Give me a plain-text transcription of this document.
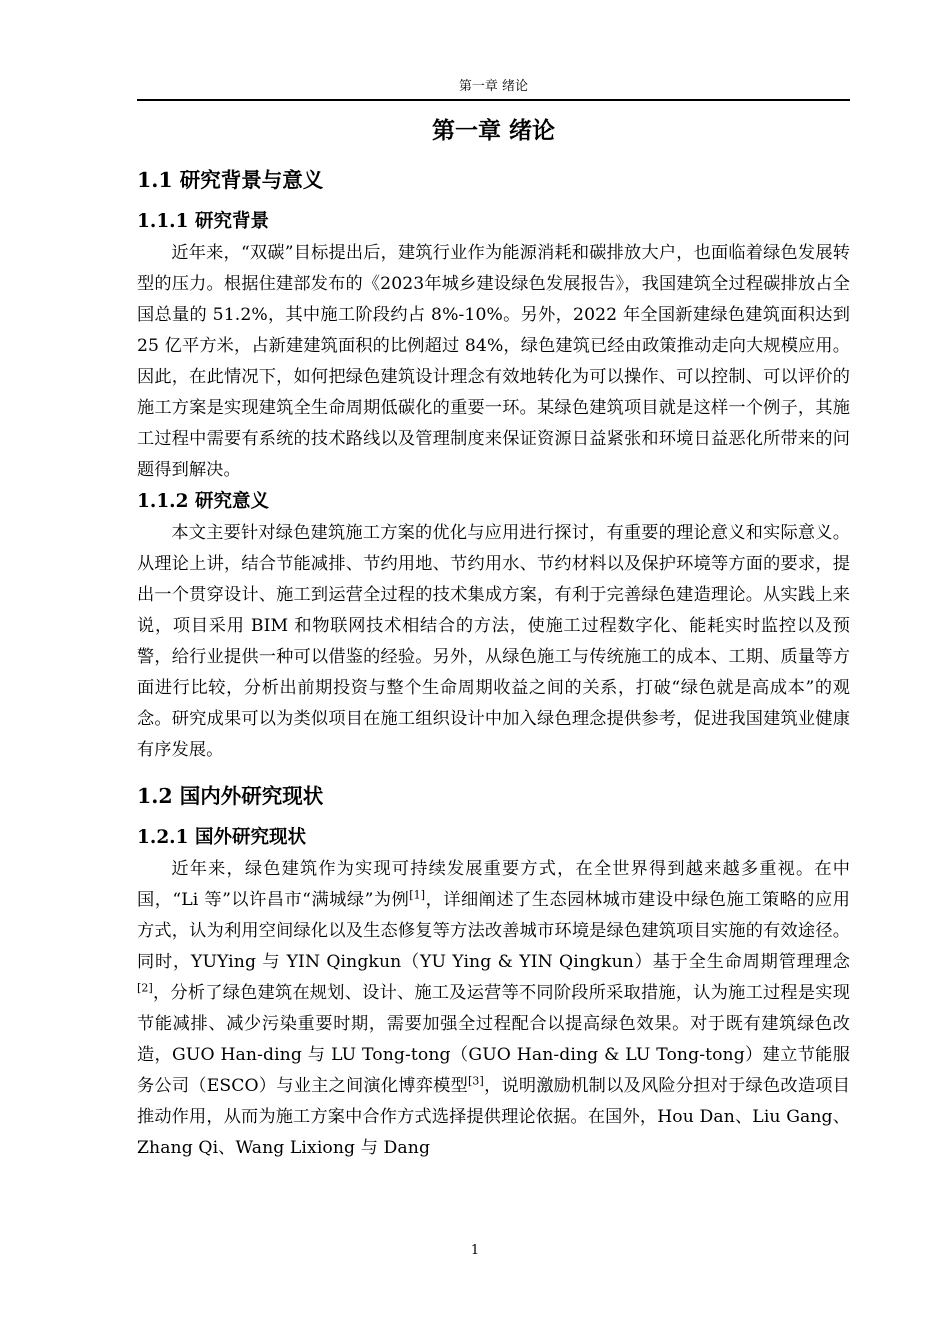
第一章 绪论
第一章 绪论
1.1 研究背景与意义
1.1.1 研究背景

近年来，“双碳”目标提出后，建筑行业作为能源消耗和碳排放大户，也面临着绿色发展转型的压力。根据住建部发布的《2023年城乡建设绿色发展报告》，我国建筑全过程碳排放占全国总量的 51.2%，其中施工阶段约占 8%-10%。另外，2022 年全国新建绿色建筑面积达到 25 亿平方米，占新建建筑面积的比例超过 84%，绿色建筑已经由政策推动走向大规模应用。因此，在此情况下，如何把绿色建筑设计理念有效地转化为可以操作、可以控制、可以评价的施工方案是实现建筑全生命周期低碳化的重要一环。某绿色建筑项目就是这样一个例子，其施工过程中需要有系统的技术路线以及管理制度来保证资源日益紧张和环境日益恶化所带来的问题得到解决。

1.1.2 研究意义

本文主要针对绿色建筑施工方案的优化与应用进行探讨，有重要的理论意义和实际意义。从理论上讲，结合节能减排、节约用地、节约用水、节约材料以及保护环境等方面的要求，提出一个贯穿设计、施工到运营全过程的技术集成方案，有利于完善绿色建造理论。从实践上来说，项目采用 BIM 和物联网技术相结合的方法，使施工过程数字化、能耗实时监控以及预警，给行业提供一种可以借鉴的经验。另外，从绿色施工与传统施工的成本、工期、质量等方面进行比较，分析出前期投资与整个生命周期收益之间的关系，打破“绿色就是高成本”的观念。研究成果可以为类似项目在施工组织设计中加入绿色理念提供参考，促进我国建筑业健康有序发展。

1.2 国内外研究现状
1.2.1 国外研究现状

近年来，绿色建筑作为实现可持续发展重要方式，在全世界得到越来越多重视。在中国，“Li 等”以许昌市“满城绿”为例[1]，详细阐述了生态园林城市建设中绿色施工策略的应用方式，认为利用空间绿化以及生态修复等方法改善城市环境是绿色建筑项目实施的有效途径。同时，YUYing 与 YIN Qingkun（YU Ying & YIN Qingkun）基于全生命周期管理理念[2]，分析了绿色建筑在规划、设计、施工及运营等不同阶段所采取措施，认为施工过程是实现节能减排、减少污染重要时期，需要加强全过程配合以提高绿色效果。对于既有建筑绿色改造，GUO Han-ding 与 LU Tong-tong（GUO Han-ding & LU Tong-tong）建立节能服务公司（ESCO）与业主之间演化博弈模型[3]，说明激励机制以及风险分担对于绿色改造项目推动作用，从而为施工方案中合作方式选择提供理论依据。在国外，Hou Dan、Liu Gang、Zhang Qi、Wang Lixiong 与 Dang

1
